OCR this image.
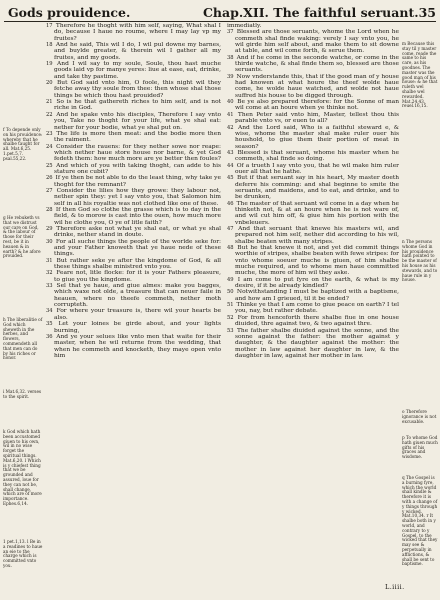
Gods prouidence.	Chap.XII. The faithful seruant.35
f To depende only on his prouidence: whereby that he shalbe taught for all. Mat.6,25. 1.pet.5,7. psal.55,22.
g He rebuketh vs that we distrust our care on God, & the labour of those for their rest, be it in heauen & in earth? & he afore prouided.
h The liberalitie of God which sheweth in the herbes, and flowers, commendeth all that men can do by his riches or honor.
i Mat.6,32. verses to the spirit.
k God which hath been accustomed giuen to his own, wil in no wise forget the spiritual things. Mat.6,20. l Which is y chiefest thing that we be grounded and assured, loue for they can not be, shall change, which are of more importance. Ephes.6,14.
1 pet.1,13. l Be in a readines to haue an eie to the charge which is committed vnto you.

17 Therefore he thoght with him self, saying, What shal I do, because I haue no roume, where I may lay vp my fruites?

18 And he said, This wil I do, I wil pul downe my barnes, and buylde greater, & therein wil I gather all my fruites, and my goods.

19 And I wil say to my soule, Soule, thou hast muche goods laid vp for manye yeres: liue at ease, eat, drinke, and take thy pastime.

20 But God said vnto him, O foole, this night wil they fetche away thy soule from thee: then whose shal those things be which thou hast prouided?

21 So is he that gathereth riches to him self, and is not riche in God.

22 And he spake vnto his disciples, Therefore I say vnto you, Take no thoght for your life, what ye shal eat: nether for your bodie, what ye shal put on.

23 The life is more then meat: and the bodie more then the raiment.

24 Consider the rauens: for they nether sowe nor reape: which nether haue store house nor barne, & yet God fedeth them: how much more are ye better then foules?

25 And which of you with taking thoght, can adde to his stature one cubit?

26 If ye then be not able to do the least thing, why take ye thoght for the remnant?

27 Consider the lilies how they growe: they labour not, nether spin they: yet I say vnto you, that Salomon him self in all his royaltie was not clothed like one of these.

28 If then God so clothe the grasse which is to day in the field, & to morow is cast into the ouen, how much more wil he clothe you, O ye of litle faith?

29 Therefore aske not what ye shal eat, or what ye shal drinke, nether stand in doute.

30 For all suche things the people of the worlde seke for: and your Father knoweth that ye haue nede of these things.

31 But rather seke ye after the kingdome of God, & all these things shalbe ministred vnto you.

32 Feare not, litle flocke: for it is your Fathers pleasure, to giue you the kingdome.

33 Sel that ye haue, and giue almes: make you bagges, which waxe not olde, a treasure that can neuer faile in heauen, where no theefe commeth, nether moth corrupteth.

34 For where your treasure is, there wil your hearts be also.

35 Let your loines be girde about, and your lights burning,

36 And ye your selues like vnto men that waite for their master, when he wil returne from the wedding, that when he commeth and knocketh, they maye open vnto him

immediatly.

37 Blessed are those seruants, whome the Lord when he commeth shal finde waking: verely I say vnto you, he wil girde him self about, and make them to sit downe at table, and wil come forth, & serue them.

38 And if he come in the seconde watche, or come in the thirde watche, & shal finde them so, blessed are those seruants.

39 Now vnderstande this, that if the good man of y house had knowen at what houre the theef wolde haue come, he wolde haue watched, and wolde not haue suffred his house to be digged through.

40 Be ye also prepared therefore: for the Sonne of man wil come at an houre when ye thinke not.

41 Then Peter said vnto him, Master, tellest thou this parable vnto vs, or euen to all?

42 And the Lord said, Who is a faithful steward e, & wise, whome the master shal make ruler ouer his houshold, to giue them their portion of meat in season?

43 Blessed is that seruant, whome his master when he commeth, shal finde so doing.

44 Of a trueth I say vnto you, that he wil make him ruler ouer all that he hathe.

45 But if that seruant say in his heart, My master doeth deferre his comming: and shal beginne to smite the seruants, and maidens, and to eat, and drinke, and to be drunken,

46 The master of that seruant wil come in a day when he thinketh not, & at an houre when he is not ware of, and wil cut him off, & giue him his portion with the vnbeleuers.

47 And that seruant that knewe his masters wil, and prepared not him self, nether did according to his wil, shalbe beaten with many stripes.

48 But he that knewe it not, and yet did commit things worthie of stripes, shalbe beaten with fewe stripes: for vnto whome soeuer muche is giuen, of him shalbe muche required, and to whome men haue committed muche, the more of him wil they aske.

49 I am come to put fyre on the earth, & what is my desire, if it be already kindled?

50 Notwithstanding I must be baptized with a baptisme, and how am I grieued, til it be ended?

51 Thinke ye that I am come to giue peace on earth? I tel you, nay, but rather debate.

52 For from henceforth there shalbe fiue in one house diuided, thre against two, & two against thre.

53 The father shalbe diuided against the sonne, and the sonne against the father: the mother against y daughter, & the daughter against the mother: the mother in law against her daughter in law, & the daughter in law, against her mother in law.

m Because this stay til y master come, reade the same to his care, as his goodnes. The master was the good man of his house: & he that ruleth wel shalbe wel rewarded. Mat.24,43. reuel.16,15.
n The persons whome God in his prouidence hath pointed to be the master of his house as his stewards, and to haue rule in y house.
o Therefore ignorance is not excusable.
p To whome God hath giuen much gifts of his graces and wisdome.
q The Gospel is a burning fyre, which the world shall kindle & therefore it is with a change of y things through y wicked. Mat.10,34. r It shalbe both in y world, and contrary to y Gospel, to the wicked that they may see & perpetually in afflictions, & shall be sent to baptisme.
L.iiii.
